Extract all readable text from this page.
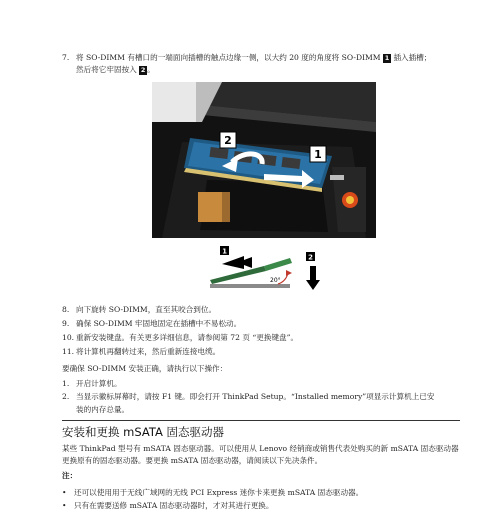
7. 将 SO-DIMM 有槽口的一端面向插槽的触点边缘一侧，以大约 20 度的角度将 SO-DIMM 1 插入插槽；
然后将它牢固按入 2 。
2
1
1
2
20°
8. 向下旋转 SO-DIMM，直至其咬合到位。
9. 确保 SO-DIMM 牢固地固定在插槽中不易松动。
10. 重新安装键盘。有关更多详细信息，请参阅第 72 页 “更换键盘”。
11. 将计算机再翻转过来，然后重新连接电缆。
要确保 SO-DIMM 安装正确，请执行以下操作：
1. 开启计算机。
2. 当显示徽标屏幕时，请按 F1 键。即会打开 ThinkPad Setup。“Installed memory”项显示计算机上已安
装的内存总量。
安装和更换 mSATA 固态驱动器
某些 ThinkPad 型号有 mSATA 固态驱动器。可以使用从 Lenovo 经销商或销售代表处购买的新 mSATA 固态驱动器更换原有的固态驱动器。要更换 mSATA 固态驱动器，请阅读以下先决条件。
注：
• 还可以使用用于无线广域网的无线 PCI Express 迷你卡来更换 mSATA 固态驱动器。
• 只有在需要送修 mSATA 固态驱动器时，才对其进行更换。
